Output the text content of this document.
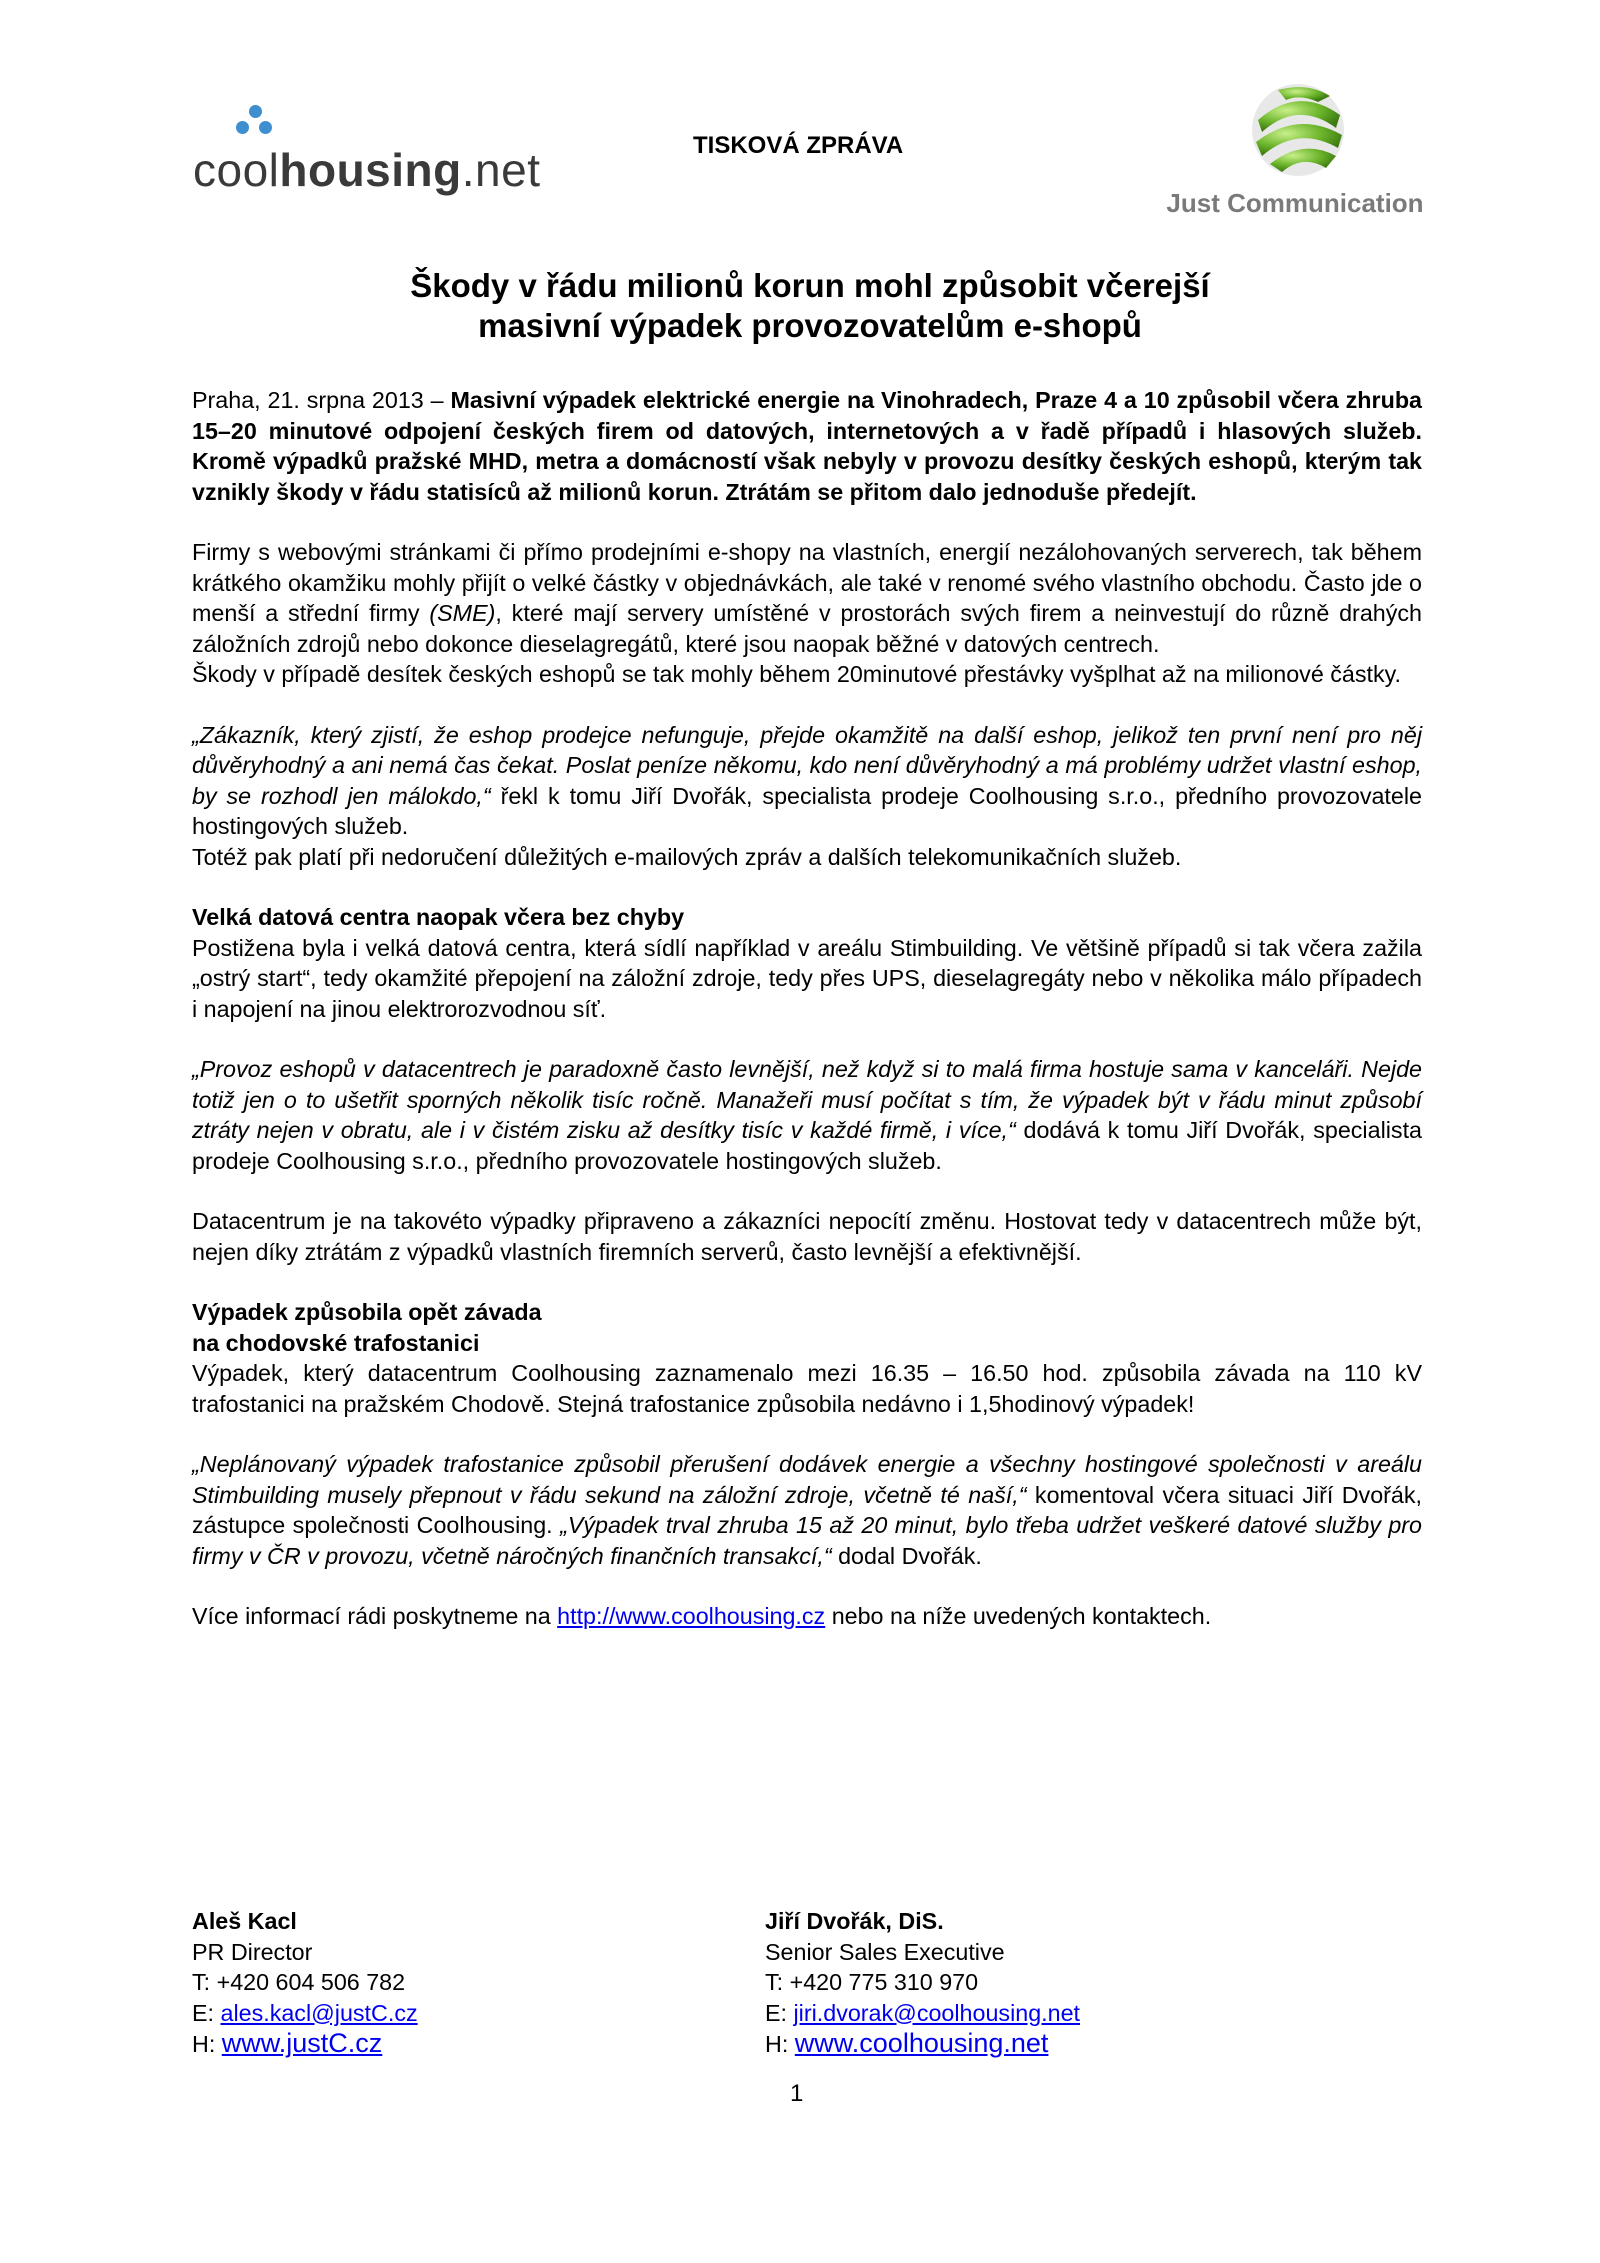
coolhousing.net	TISKOVÁ ZPRÁVA
Just Communication
Škody v řádu milionů korun mohl způsobit včerejší
masivní výpadek provozovatelům e-shopů

Praha, 21. srpna 2013 – Masivní výpadek elektrické energie na Vinohradech, Praze 4 a 10 způsobil včera zhruba 15–20 minutové odpojení českých firem od datových, internetových a v řadě případů i hlasových služeb. Kromě výpadků pražské MHD, metra a domácností však nebyly v provozu desítky českých eshopů, kterým tak vznikly škody v řádu statisíců až milionů korun. Ztrátám se přitom dalo jednoduše předejít.

Firmy s webovými stránkami či přímo prodejními e-shopy na vlastních, energií nezálohovaných serverech, tak během krátkého okamžiku mohly přijít o velké částky v objednávkách, ale také v renomé svého vlastního obchodu. Často jde o menší a střední firmy (SME), které mají servery umístěné v prostorách svých firem a neinvestují do různě drahých záložních zdrojů nebo dokonce dieselagregátů, které jsou naopak běžné v datových centrech.

Škody v případě desítek českých eshopů se tak mohly během 20minutové přestávky vyšplhat až na milionové částky.

„Zákazník, který zjistí, že eshop prodejce nefunguje, přejde okamžitě na další eshop, jelikož ten první není pro něj důvěryhodný a ani nemá čas čekat. Poslat peníze někomu, kdo není důvěryhodný a má problémy udržet vlastní eshop, by se rozhodl jen málokdo,“ řekl k tomu Jiří Dvořák, specialista prodeje Coolhousing s.r.o., předního provozovatele hostingových služeb.

Totéž pak platí při nedoručení důležitých e-mailových zpráv a dalších telekomunikačních služeb.

Velká datová centra naopak včera bez chyby

Postižena byla i velká datová centra, která sídlí například v areálu Stimbuilding. Ve většině případů si tak včera zažila „ostrý start“, tedy okamžité přepojení na záložní zdroje, tedy přes UPS, dieselagregáty nebo v několika málo případech i napojení na jinou elektrorozvodnou síť.

„Provoz eshopů v datacentrech je paradoxně často levnější, než když si to malá firma hostuje sama v kanceláři. Nejde totiž jen o to ušetřit sporných několik tisíc ročně. Manažeři musí počítat s tím, že výpadek být v řádu minut způsobí ztráty nejen v obratu, ale i v čistém zisku až desítky tisíc v každé firmě, i více,“ dodává k tomu Jiří Dvořák, specialista prodeje Coolhousing s.r.o., předního provozovatele hostingových služeb.

Datacentrum je na takovéto výpadky připraveno a zákazníci nepocítí změnu. Hostovat tedy v datacentrech může být, nejen díky ztrátám z výpadků vlastních firemních serverů, často levnější a efektivnější.

Výpadek způsobila opět závada

na chodovské trafostanici

Výpadek, který datacentrum Coolhousing zaznamenalo mezi 16.35 – 16.50 hod. způsobila závada na 110 kV trafostanici na pražském Chodově. Stejná trafostanice způsobila nedávno i 1,5hodinový výpadek!

„Neplánovaný výpadek trafostanice způsobil přerušení dodávek energie a všechny hostingové společnosti v areálu Stimbuilding musely přepnout v řádu sekund na záložní zdroje, včetně té naší,“ komentoval včera situaci Jiří Dvořák, zástupce společnosti Coolhousing. „Výpadek trval zhruba 15 až 20 minut, bylo třeba udržet veškeré datové služby pro firmy v ČR v provozu, včetně náročných finančních transakcí,“ dodal Dvořák.

Více informací rádi poskytneme na http://www.coolhousing.cz nebo na níže uvedených kontaktech.

Aleš Kacl
PR Director
T: +420 604 506 782
E: ales.kacl@justC.cz
H: www.justC.cz
Jiří Dvořák, DiS.
Senior Sales Executive
T: +420 775 310 970
E: jiri.dvorak@coolhousing.net
H: www.coolhousing.net
1
